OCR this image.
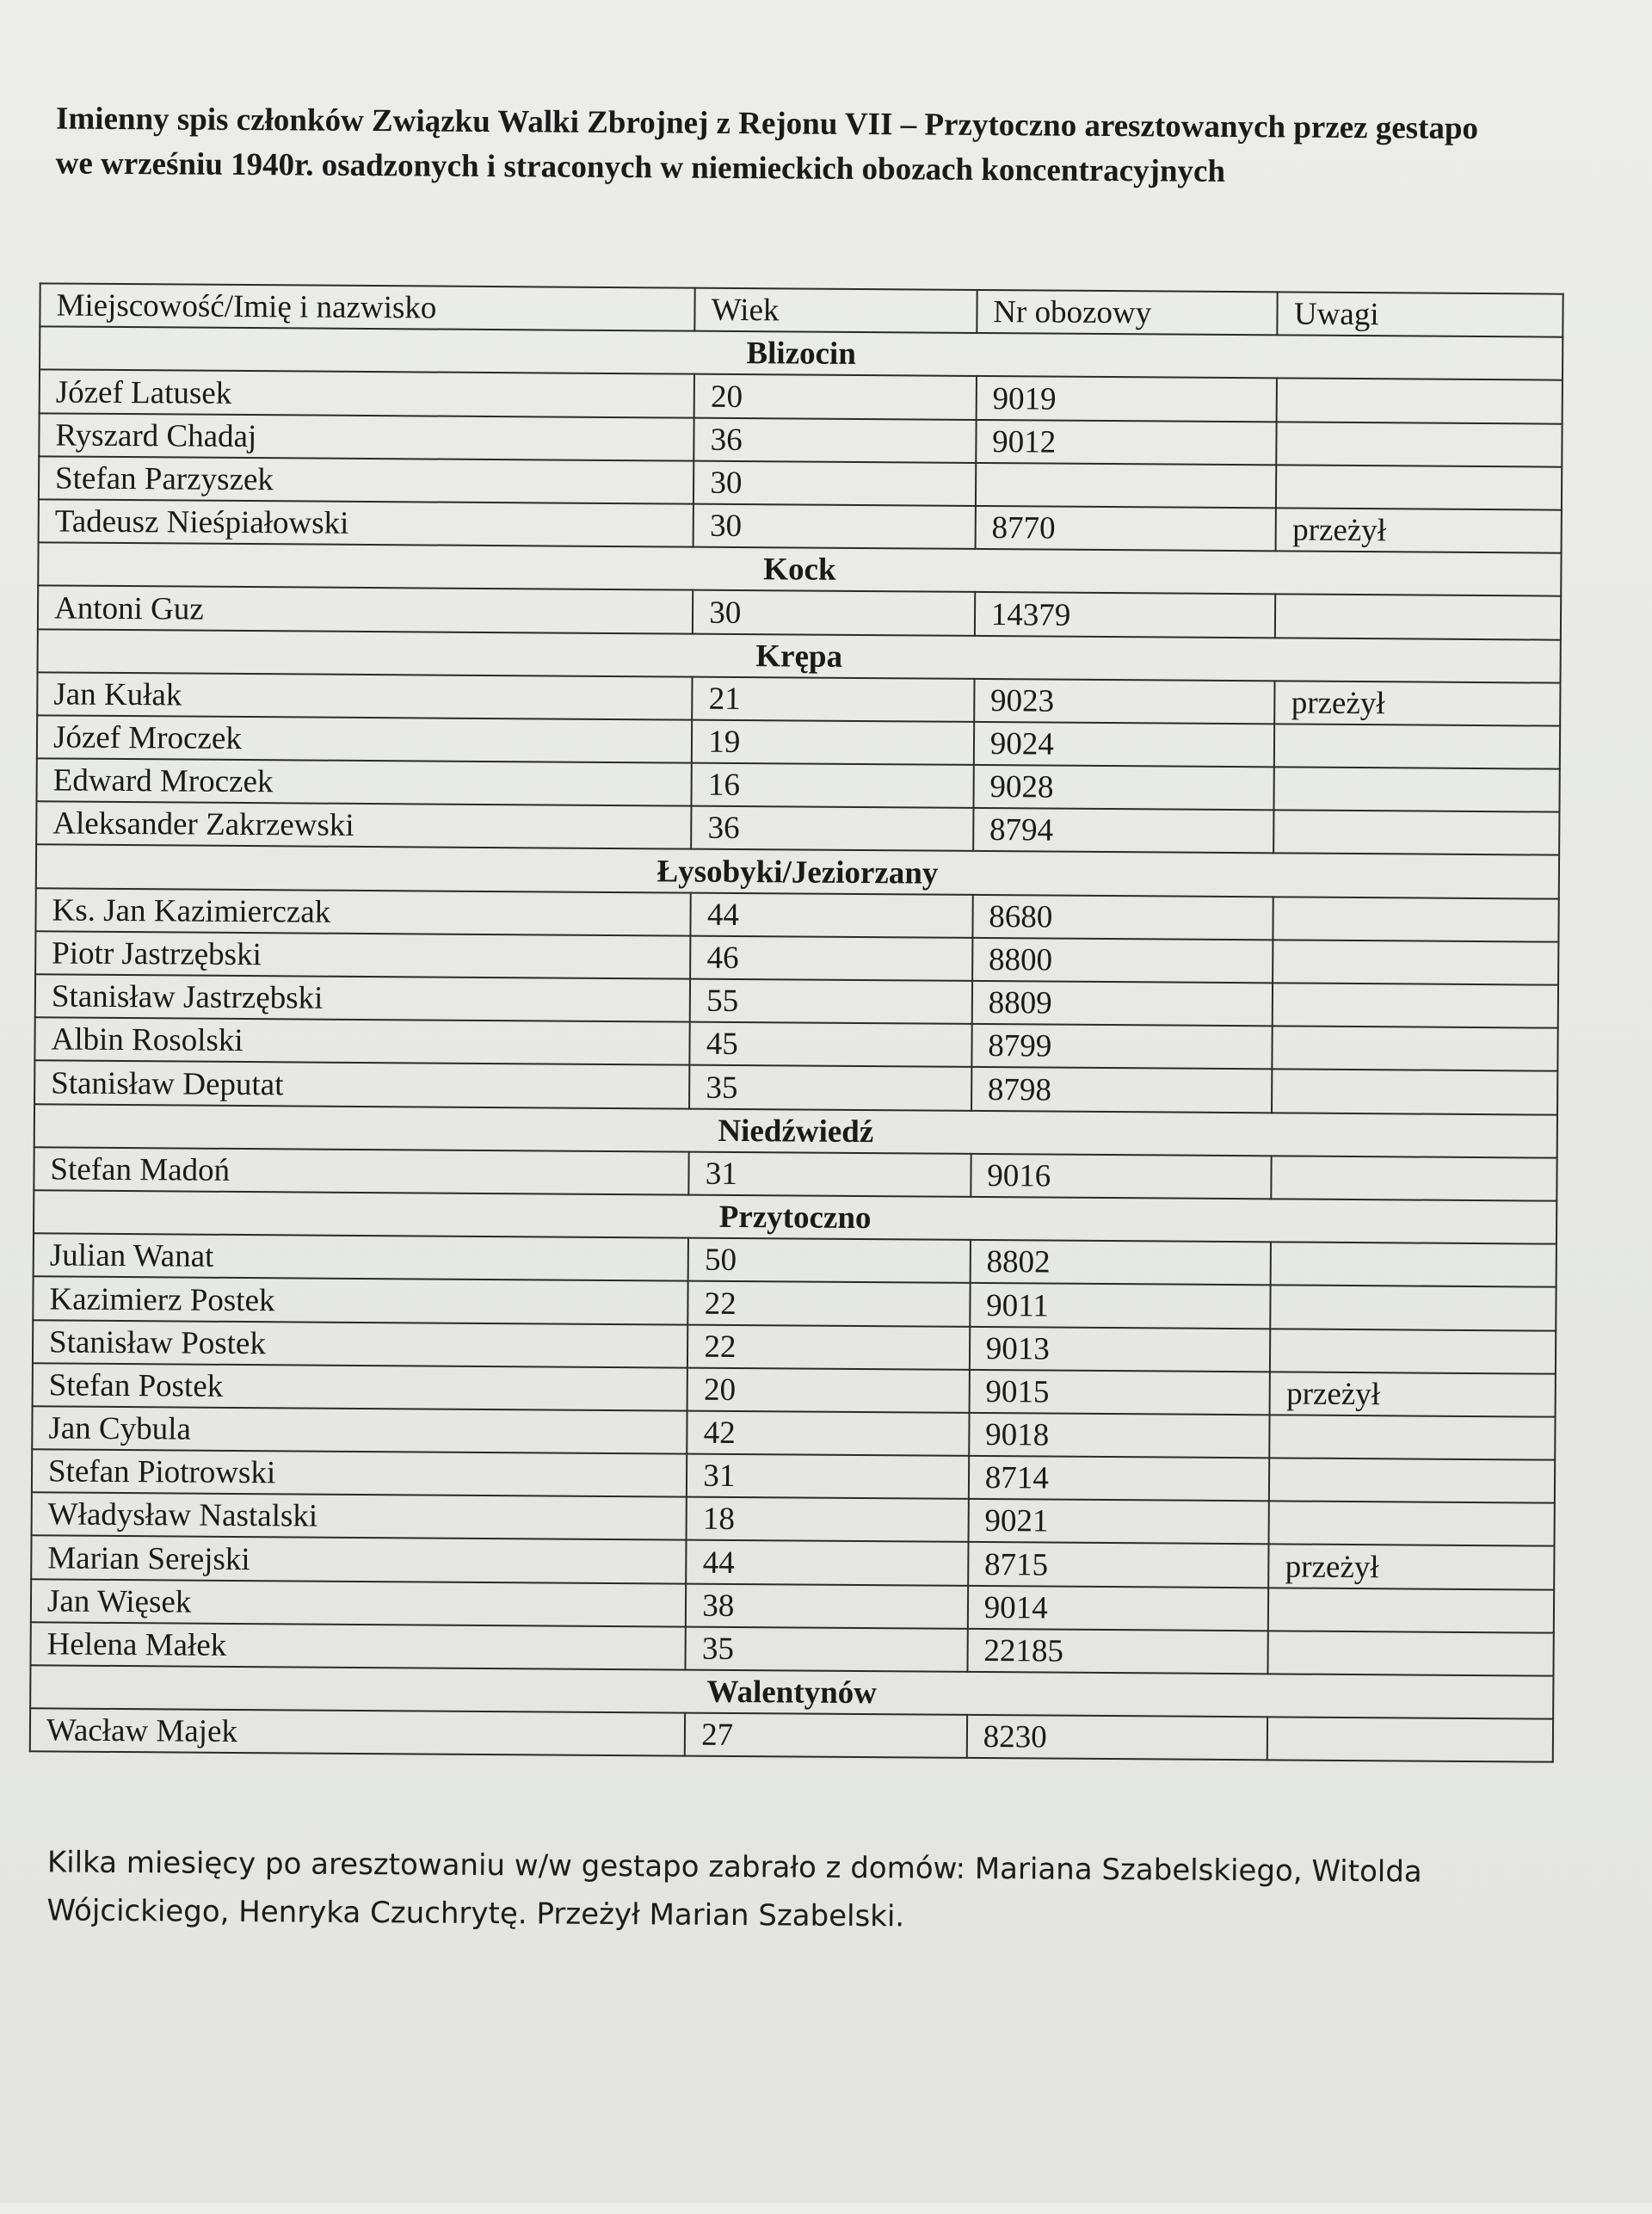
Imienny spis członków Związku Walki Zbrojnej z Rejonu VII – Przytoczno aresztowanych przez gestapo we wrześniu 1940r. osadzonych i straconych w niemieckich obozach koncentracyjnych
Miejscowość/Imię i nazwisko	Wiek	Nr obozowy	Uwagi
Blizocin			
Józef Latusek	20	9019	
Ryszard Chadaj	36	9012	
Stefan Parzyszek	30		
Tadeusz Nieśpiałowski	30	8770	przeżył
Kock			
Antoni Guz	30	14379	
Krępa			
Jan Kułak	21	9023	przeżył
Józef Mroczek	19	9024	
Edward Mroczek	16	9028	
Aleksander Zakrzewski	36	8794	
Łysobyki/Jeziorzany			
Ks. Jan Kazimierczak	44	8680	
Piotr Jastrzębski	46	8800	
Stanisław Jastrzębski	55	8809	
Albin Rosolski	45	8799	
Stanisław Deputat	35	8798	
Niedźwiedź			
Stefan Madoń	31	9016	
Przytoczno			
Julian Wanat	50	8802	
Kazimierz Postek	22	9011	
Stanisław Postek	22	9013	
Stefan Postek	20	9015	przeżył
Jan Cybula	42	9018	
Stefan Piotrowski	31	8714	
Władysław Nastalski	18	9021	
Marian Serejski	44	8715	przeżył
Jan Więsek	38	9014	
Helena Małek	35	22185	
Walentynów			
Wacław Majek	27	8230	

Kilka miesięcy po aresztowaniu w/w gestapo zabrało z domów: Mariana Szabelskiego, Witolda Wójcickiego, Henryka Czuchrytę. Przeżył Marian Szabelski.
